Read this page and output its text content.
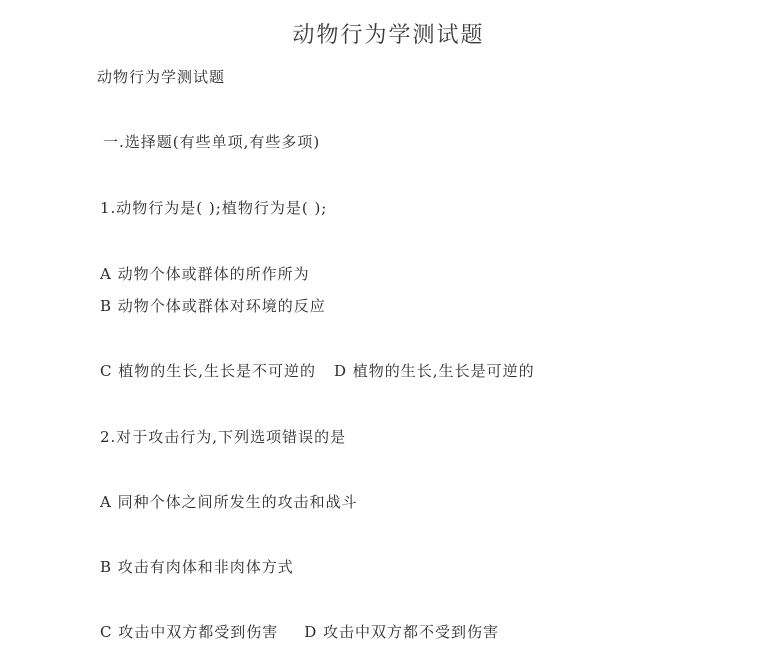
动物行为学测试题
动物行为学测试题
一.选择题(有些单项,有些多项)
1.动物行为是( );植物行为是( );
A 动物个体或群体的所作所为
B 动物个体或群体对环境的反应
C 植物的生长,生长是不可逆的 D 植物的生长,生长是可逆的
2.对于攻击行为,下列选项错误的是
A 同种个体之间所发生的攻击和战斗
B 攻击有肉体和非肉体方式
C 攻击中双方都受到伤害 D 攻击中双方都不受到伤害
